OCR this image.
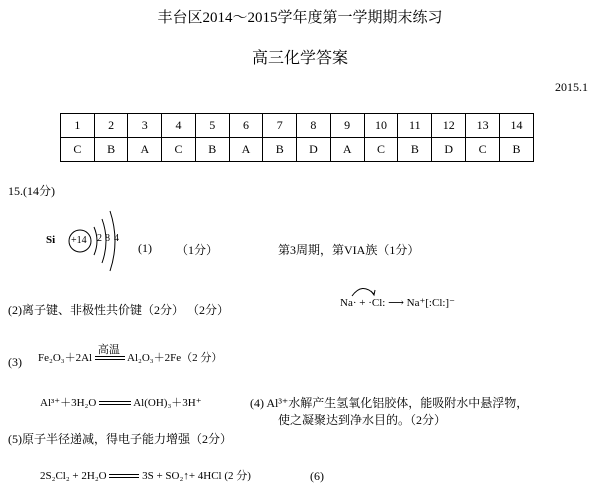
丰台区2014～2015学年度第一学期期末练习
高三化学答案
2015.1
1	2	3	4	5	6	7	8	9	10	11	12	13	14
C	B	A	C	B	A	B	D	A	C	B	D	C	B
15.(14分)
Si +14 2 8 4
(1) （1分）	第3周期，第VIA族（1分）
(2)离子键、非极性共价键（2分） （2分）	Na· + ·Cl: ⟶ Na⁺[:Cl:]⁻
(3) Fe₂O₃＋2Al
高温
Al₂O₃＋2Fe（2 分）
Al³⁺＋3H₂O	Al(OH)₃＋3H⁺	(4) Al³⁺水解产生氢氧化铝胶体，能吸附水中悬浮物，
使之凝聚达到净水目的。（2分）
(5)原子半径递减，得电子能力增强（2分）
2S₂Cl₂ + 2H₂O	3S + SO₂↑+ 4HCl (2 分)	(6)
